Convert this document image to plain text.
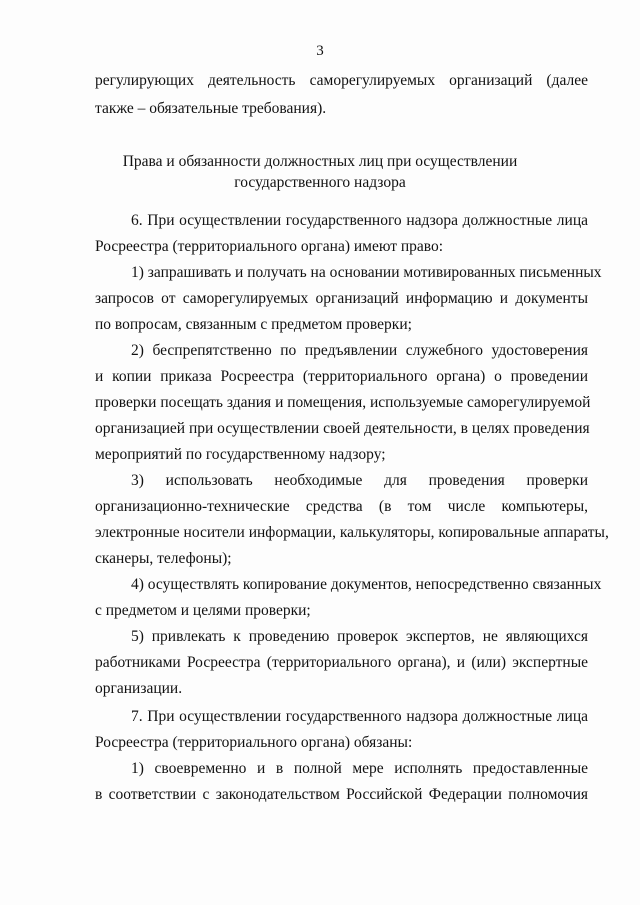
3
регулирующих деятельность саморегулируемых организаций (далее
также – обязательные требования).
Права и обязанности должностных лиц при осуществлении
государственного надзора
6. При осуществлении государственного надзора должностные лица
Росреестра (территориального органа) имеют право:
1) запрашивать и получать на основании мотивированных письменных
запросов от саморегулируемых организаций информацию и документы
по вопросам, связанным с предметом проверки;
2) беспрепятственно по предъявлении служебного удостоверения
и копии приказа Росреестра (территориального органа) о проведении
проверки посещать здания и помещения, используемые саморегулируемой
организацией при осуществлении своей деятельности, в целях проведения
мероприятий по государственному надзору;
3) использовать необходимые для проведения проверки
организационно-технические средства (в том числе компьютеры,
электронные носители информации, калькуляторы, копировальные аппараты,
сканеры, телефоны);
4) осуществлять копирование документов, непосредственно связанных
с предметом и целями проверки;
5) привлекать к проведению проверок экспертов, не являющихся
работниками Росреестра (территориального органа), и (или) экспертные
организации.
7. При осуществлении государственного надзора должностные лица
Росреестра (территориального органа) обязаны:
1) своевременно и в полной мере исполнять предоставленные
в соответствии с законодательством Российской Федерации полномочия
